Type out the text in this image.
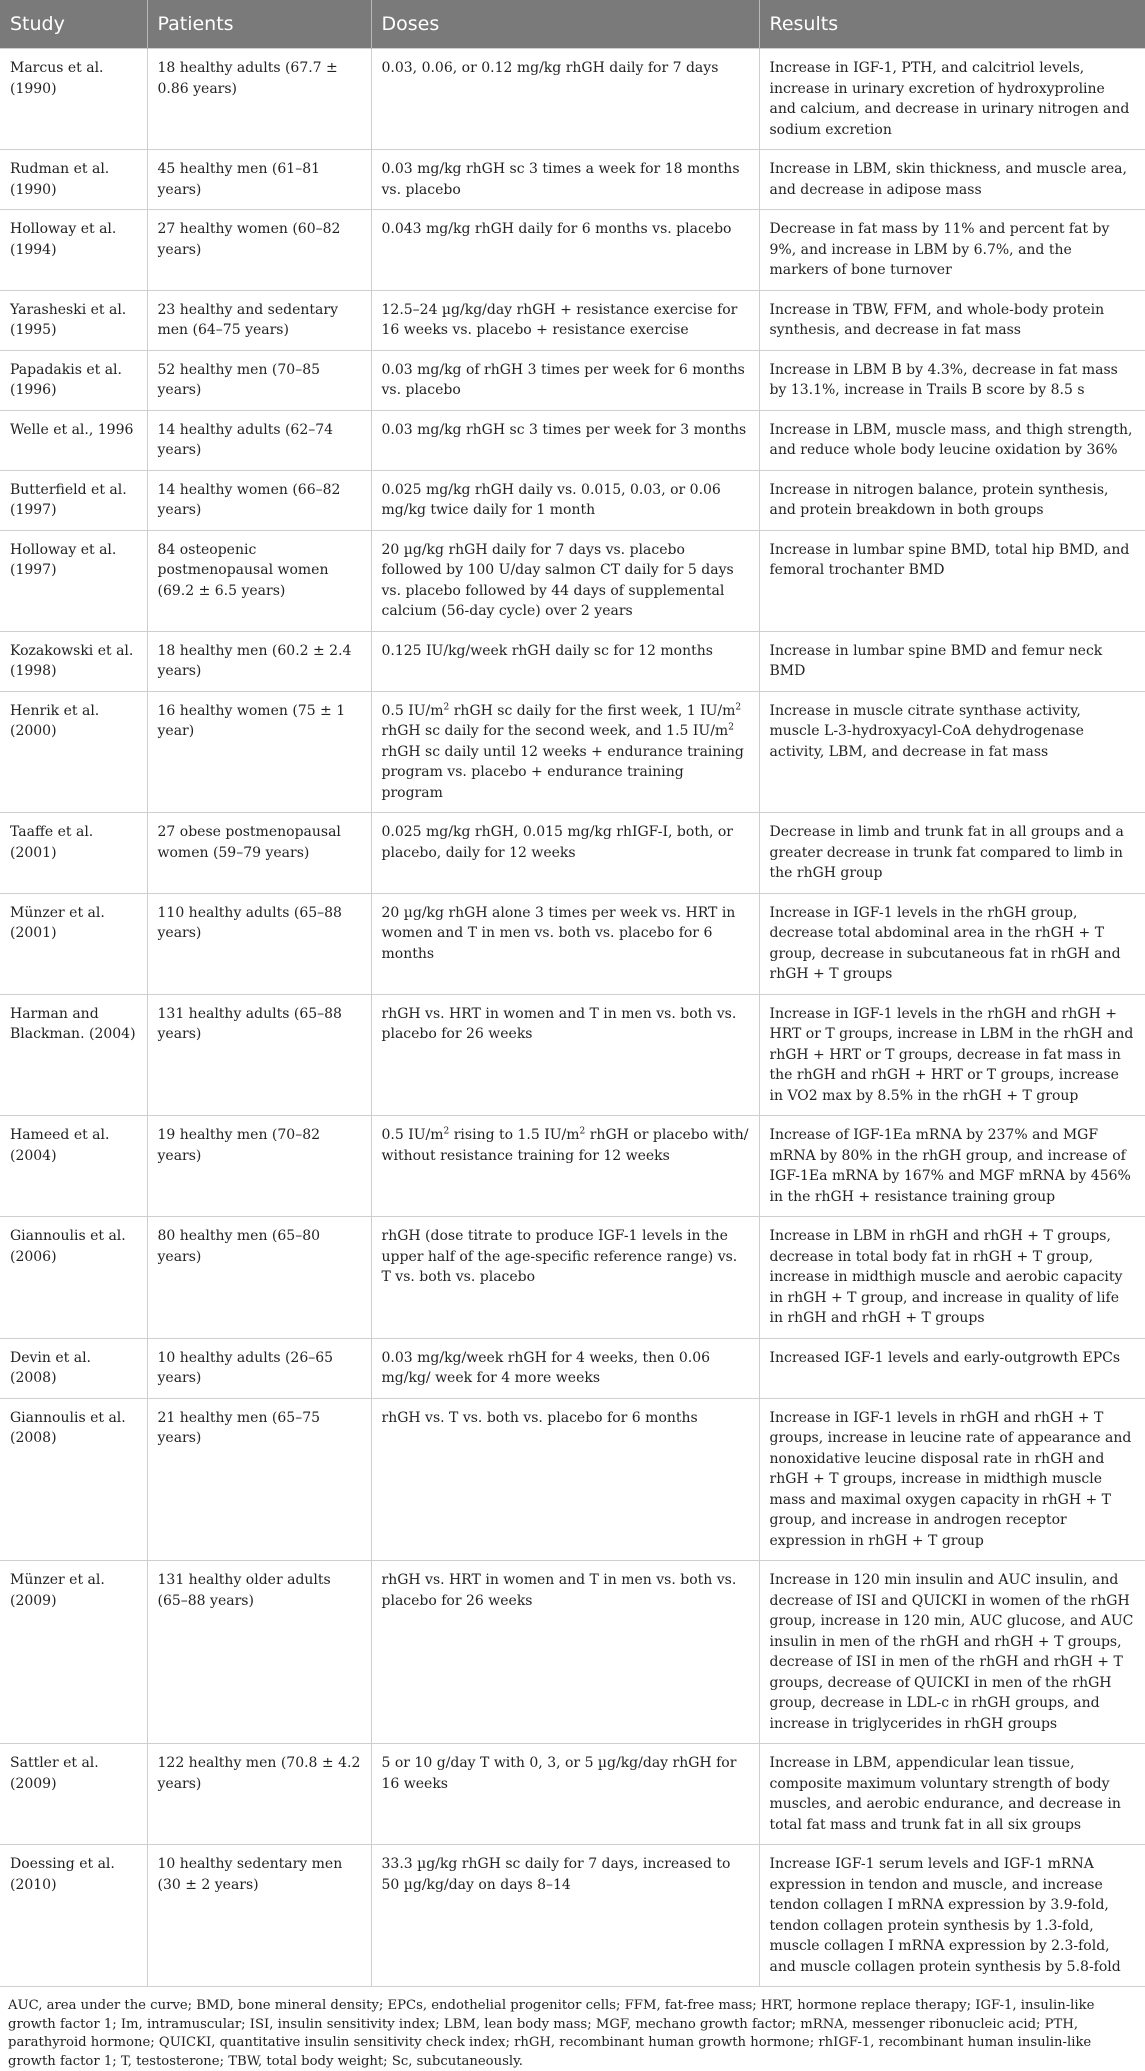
Study	Patients	Doses	Results
Marcus et al. (1990)	18 healthy adults (67.7 ± 0.86 years)	0.03, 0.06, or 0.12 mg/kg rhGH daily for 7 days	Increase in IGF-1, PTH, and calcitriol levels, increase in urinary excretion of hydroxyproline and calcium, and decrease in urinary nitrogen and sodium excretion
Rudman et al. (1990)	45 healthy men (61–81 years)	0.03 mg/kg rhGH sc 3 times a week for 18 months vs. placebo	Increase in LBM, skin thickness, and muscle area, and decrease in adipose mass
Holloway et al. (1994)	27 healthy women (60–82 years)	0.043 mg/kg rhGH daily for 6 months vs. placebo	Decrease in fat mass by 11% and percent fat by 9%, and increase in LBM by 6.7%, and the markers of bone turnover
Yarasheski et al. (1995)	23 healthy and sedentary men (64–75 years)	12.5–24 µg/kg/day rhGH + resistance exercise for 16 weeks vs. placebo + resistance exercise	Increase in TBW, FFM, and whole-body protein synthesis, and decrease in fat mass
Papadakis et al. (1996)	52 healthy men (70–85 years)	0.03 mg/kg of rhGH 3 times per week for 6 months vs. placebo	Increase in LBM B by 4.3%, decrease in fat mass by 13.1%, increase in Trails B score by 8.5 s
Welle et al., 1996	14 healthy adults (62–74 years)	0.03 mg/kg rhGH sc 3 times per week for 3 months	Increase in LBM, muscle mass, and thigh strength, and reduce whole body leucine oxidation by 36%
Butterfield et al. (1997)	14 healthy women (66–82 years)	0.025 mg/kg rhGH daily vs. 0.015, 0.03, or 0.06 mg/kg twice daily for 1 month	Increase in nitrogen balance, protein synthesis, and protein breakdown in both groups
Holloway et al. (1997)	84 osteopenic postmenopausal women (69.2 ± 6.5 years)	20 µg/kg rhGH daily for 7 days vs. placebo followed by 100 U/day salmon CT daily for 5 days vs. placebo followed by 44 days of supplemental calcium (56-day cycle) over 2 years	Increase in lumbar spine BMD, total hip BMD, and femoral trochanter BMD
Kozakowski et al. (1998)	18 healthy men (60.2 ± 2.4 years)	0.125 IU/kg/week rhGH daily sc for 12 months	Increase in lumbar spine BMD and femur neck BMD
Henrik et al. (2000)	16 healthy women (75 ± 1 year)	0.5 $IU/m^2$ rhGH sc daily for the first week, 1 $IU/m^2$ rhGH sc daily for the second week, and 1.5 $IU/m^2$ rhGH sc daily until 12 weeks + endurance training program vs. placebo + endurance training program	Increase in muscle citrate synthase activity, muscle L-3-hydroxyacyl-CoA dehydrogenase activity, LBM, and decrease in fat mass
Taaffe et al. (2001)	27 obese postmenopausal women (59–79 years)	0.025 mg/kg rhGH, 0.015 mg/kg rhIGF-I, both, or placebo, daily for 12 weeks	Decrease in limb and trunk fat in all groups and a greater decrease in trunk fat compared to limb in the rhGH group
Münzer et al. (2001)	110 healthy adults (65–88 years)	20 µg/kg rhGH alone 3 times per week vs. HRT in women and T in men vs. both vs. placebo for 6 months	Increase in IGF-1 levels in the rhGH group, decrease total abdominal area in the rhGH + T group, decrease in subcutaneous fat in rhGH and rhGH + T groups
Harman and Blackman. (2004)	131 healthy adults (65–88 years)	rhGH vs. HRT in women and T in men vs. both vs. placebo for 26 weeks	Increase in IGF-1 levels in the rhGH and rhGH + HRT or T groups, increase in LBM in the rhGH and rhGH + HRT or T groups, decrease in fat mass in the rhGH and rhGH + HRT or T groups, increase in VO2 max by 8.5% in the rhGH + T group
Hameed et al. (2004)	19 healthy men (70–82 years)	0.5 $IU/m^2$ rising to 1.5 $IU/m^2$ rhGH or placebo with/ without resistance training for 12 weeks	Increase of IGF-1Ea mRNA by 237% and MGF mRNA by 80% in the rhGH group, and increase of IGF-1Ea mRNA by 167% and MGF mRNA by 456% in the rhGH + resistance training group
Giannoulis et al. (2006)	80 healthy men (65–80 years)	rhGH (dose titrate to produce IGF-1 levels in the upper half of the age-specific reference range) vs. T vs. both vs. placebo	Increase in LBM in rhGH and rhGH + T groups, decrease in total body fat in rhGH + T group, increase in midthigh muscle and aerobic capacity in rhGH + T group, and increase in quality of life in rhGH and rhGH + T groups
Devin et al. (2008)	10 healthy adults (26–65 years)	0.03 mg/kg/week rhGH for 4 weeks, then 0.06 mg/kg/ week for 4 more weeks	Increased IGF-1 levels and early-outgrowth EPCs
Giannoulis et al. (2008)	21 healthy men (65–75 years)	rhGH vs. T vs. both vs. placebo for 6 months	Increase in IGF-1 levels in rhGH and rhGH + T groups, increase in leucine rate of appearance and nonoxidative leucine disposal rate in rhGH and rhGH + T groups, increase in midthigh muscle mass and maximal oxygen capacity in rhGH + T group, and increase in androgen receptor expression in rhGH + T group
Münzer et al. (2009)	131 healthy older adults (65–88 years)	rhGH vs. HRT in women and T in men vs. both vs. placebo for 26 weeks	Increase in 120 min insulin and AUC insulin, and decrease of ISI and QUICKI in women of the rhGH group, increase in 120 min, AUC glucose, and AUC insulin in men of the rhGH and rhGH + T groups, decrease of ISI in men of the rhGH and rhGH + T groups, decrease of QUICKI in men of the rhGH group, decrease in LDL-c in rhGH groups, and increase in triglycerides in rhGH groups
Sattler et al. (2009)	122 healthy men (70.8 ± 4.2 years)	5 or 10 g/day T with 0, 3, or 5 µg/kg/day rhGH for 16 weeks	Increase in LBM, appendicular lean tissue, composite maximum voluntary strength of body muscles, and aerobic endurance, and decrease in total fat mass and trunk fat in all six groups
Doessing et al. (2010)	10 healthy sedentary men (30 ± 2 years)	33.3 µg/kg rhGH sc daily for 7 days, increased to 50 µg/kg/day on days 8–14	Increase IGF-1 serum levels and IGF-1 mRNA expression in tendon and muscle, and increase tendon collagen I mRNA expression by 3.9-fold, tendon collagen protein synthesis by 1.3-fold, muscle collagen I mRNA expression by 2.3-fold, and muscle collagen protein synthesis by 5.8-fold
AUC, area under the curve; BMD, bone mineral density; EPCs, endothelial progenitor cells; FFM, fat-free mass; HRT, hormone replace therapy; IGF-1, insulin-like growth factor 1; Im, intramuscular; ISI, insulin sensitivity index; LBM, lean body mass; MGF, mechano growth factor; mRNA, messenger ribonucleic acid; PTH, parathyroid hormone; QUICKI, quantitative insulin sensitivity check index; rhGH, recombinant human growth hormone; rhIGF-1, recombinant human insulin-like growth factor 1; T, testosterone; TBW, total body weight; Sc, subcutaneously.
